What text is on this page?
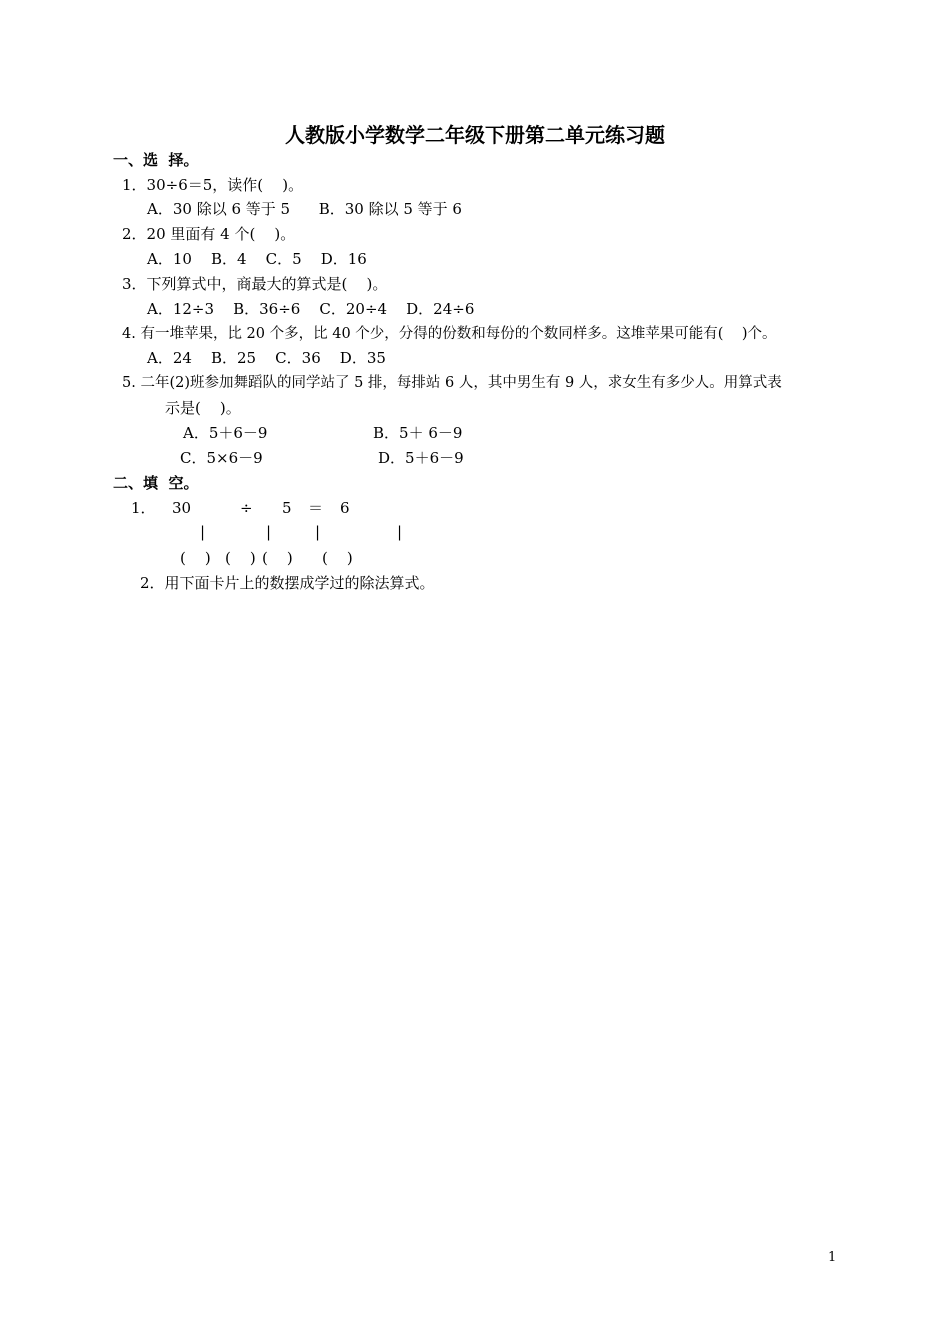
人教版小学数学二年级下册第二单元练习题
一、选  择。
1．30÷6＝5，读作(    )。
A．30 除以 6 等于 5      B．30 除以 5 等于 6
2．20 里面有 4 个(    )。
A．10    B．4    C．5    D．16
3．下列算式中，商最大的算式是(    )。
A．12÷3    B．36÷6    C．20÷4    D．24÷6
4. 有一堆苹果，比 20 个多，比 40 个少，分得的份数和每份的个数同样多。这堆苹果可能有(    )个。
A．24    B．25    C．36    D．35
5. 二年(2)班参加舞蹈队的同学站了 5 排，每排站 6 人，其中男生有 9 人，求女生有多少人。用算式表
示是(    )。
A．5＋6－9	B．5＋ 6－9
C．5×6－9	D．5＋6－9
二、填  空。
1． 30	÷ 5 ＝ 6
|	|	|	|
(    ) (    ) (    ) (    )
2．用下面卡片上的数摆成学过的除法算式。
1
